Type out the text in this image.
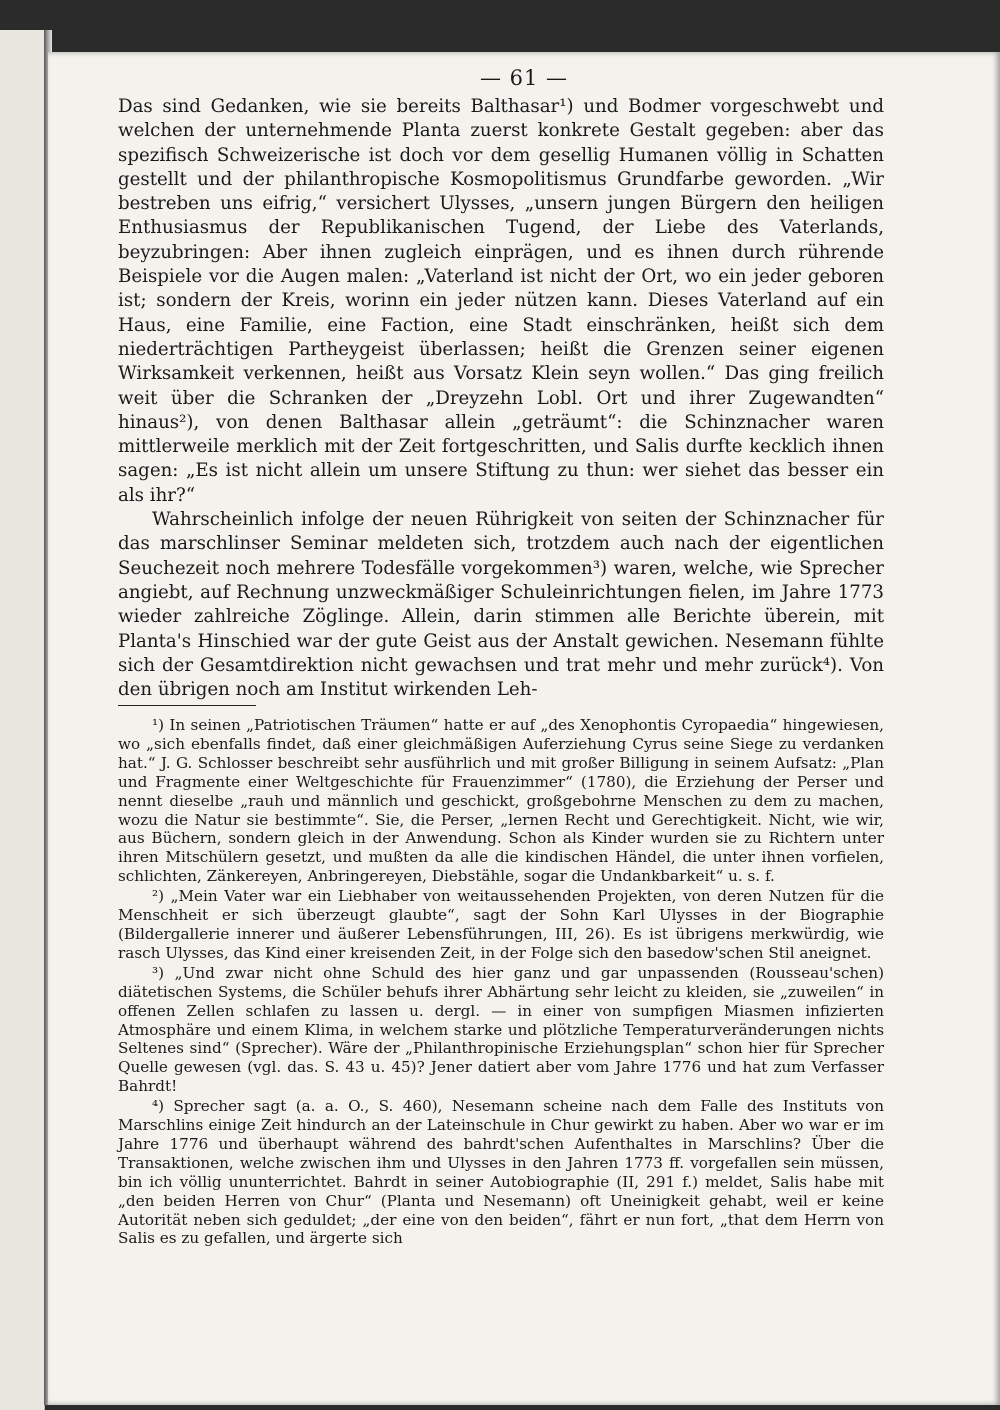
— 61 —

Das sind Gedanken, wie sie bereits Balthasar¹) und Bodmer vorgeschwebt und welchen der unternehmende Planta zuerst konkrete Gestalt gegeben: aber das spezifisch Schweizerische ist doch vor dem gesellig Humanen völlig in Schatten gestellt und der philanthropische Kosmopolitismus Grundfarbe geworden. „Wir bestreben uns eifrig,“ versichert Ulysses, „unsern jungen Bürgern den heiligen Enthusiasmus der Republikanischen Tugend, der Liebe des Vaterlands, beyzubringen: Aber ihnen zugleich einprägen, und es ihnen durch rührende Beispiele vor die Augen malen: „Vaterland ist nicht der Ort, wo ein jeder geboren ist; sondern der Kreis, worinn ein jeder nützen kann. Dieses Vaterland auf ein Haus, eine Familie, eine Faction, eine Stadt einschränken, heißt sich dem niederträchtigen Partheygeist überlassen; heißt die Grenzen seiner eigenen Wirksamkeit verkennen, heißt aus Vorsatz Klein seyn wollen.“ Das ging freilich weit über die Schranken der „Dreyzehn Lobl. Ort und ihrer Zugewandten“ hinaus²), von denen Balthasar allein „geträumt“: die Schinznacher waren mittlerweile merklich mit der Zeit fortgeschritten, und Salis durfte kecklich ihnen sagen: „Es ist nicht allein um unsere Stiftung zu thun: wer siehet das besser ein als ihr?“

Wahrscheinlich infolge der neuen Rührigkeit von seiten der Schinznacher für das marschlinser Seminar meldeten sich, trotzdem auch nach der eigentlichen Seuchezeit noch mehrere Todesfälle vorgekommen³) waren, welche, wie Sprecher angiebt, auf Rechnung unzweckmäßiger Schuleinrichtungen fielen, im Jahre 1773 wieder zahlreiche Zöglinge. Allein, darin stimmen alle Berichte überein, mit Planta's Hinschied war der gute Geist aus der Anstalt gewichen. Nesemann fühlte sich der Gesamtdirektion nicht gewachsen und trat mehr und mehr zurück⁴). Von den übrigen noch am Institut wirkenden Leh-

¹) In seinen „Patriotischen Träumen“ hatte er auf „des Xenophontis Cyropaedia“ hingewiesen, wo „sich ebenfalls findet, daß einer gleichmäßigen Auferziehung Cyrus seine Siege zu verdanken hat.“ J. G. Schlosser beschreibt sehr ausführlich und mit großer Billigung in seinem Aufsatz: „Plan und Fragmente einer Weltgeschichte für Frauenzimmer“ (1780), die Erziehung der Perser und nennt dieselbe „rauh und männlich und geschickt, großgebohrne Menschen zu dem zu machen, wozu die Natur sie bestimmte“. Sie, die Perser, „lernen Recht und Gerechtigkeit. Nicht, wie wir, aus Büchern, sondern gleich in der Anwendung. Schon als Kinder wurden sie zu Richtern unter ihren Mitschülern gesetzt, und mußten da alle die kindischen Händel, die unter ihnen vorfielen, schlichten, Zänkereyen, Anbringereyen, Diebstähle, sogar die Undankbarkeit“ u. s. f.

²) „Mein Vater war ein Liebhaber von weitaussehenden Projekten, von deren Nutzen für die Menschheit er sich überzeugt glaubte“, sagt der Sohn Karl Ulysses in der Biographie (Bildergallerie innerer und äußerer Lebensführungen, III, 26). Es ist übrigens merkwürdig, wie rasch Ulysses, das Kind einer kreisenden Zeit, in der Folge sich den basedow'schen Stil aneignet.

³) „Und zwar nicht ohne Schuld des hier ganz und gar unpassenden (Rousseau'schen) diätetischen Systems, die Schüler behufs ihrer Abhärtung sehr leicht zu kleiden, sie „zuweilen“ in offenen Zellen schlafen zu lassen u. dergl. — in einer von sumpfigen Miasmen infizierten Atmosphäre und einem Klima, in welchem starke und plötzliche Temperaturveränderungen nichts Seltenes sind“ (Sprecher). Wäre der „Philanthropinische Erziehungsplan“ schon hier für Sprecher Quelle gewesen (vgl. das. S. 43 u. 45)? Jener datiert aber vom Jahre 1776 und hat zum Verfasser Bahrdt!

⁴) Sprecher sagt (a. a. O., S. 460), Nesemann scheine nach dem Falle des Instituts von Marschlins einige Zeit hindurch an der Lateinschule in Chur gewirkt zu haben. Aber wo war er im Jahre 1776 und überhaupt während des bahrdt'schen Aufenthaltes in Marschlins? Über die Transaktionen, welche zwischen ihm und Ulysses in den Jahren 1773 ff. vorgefallen sein müssen, bin ich völlig ununterrichtet. Bahrdt in seiner Autobiographie (II, 291 f.) meldet, Salis habe mit „den beiden Herren von Chur“ (Planta und Nesemann) oft Uneinigkeit gehabt, weil er keine Autorität neben sich geduldet; „der eine von den beiden“, fährt er nun fort, „that dem Herrn von Salis es zu gefallen, und ärgerte sich
